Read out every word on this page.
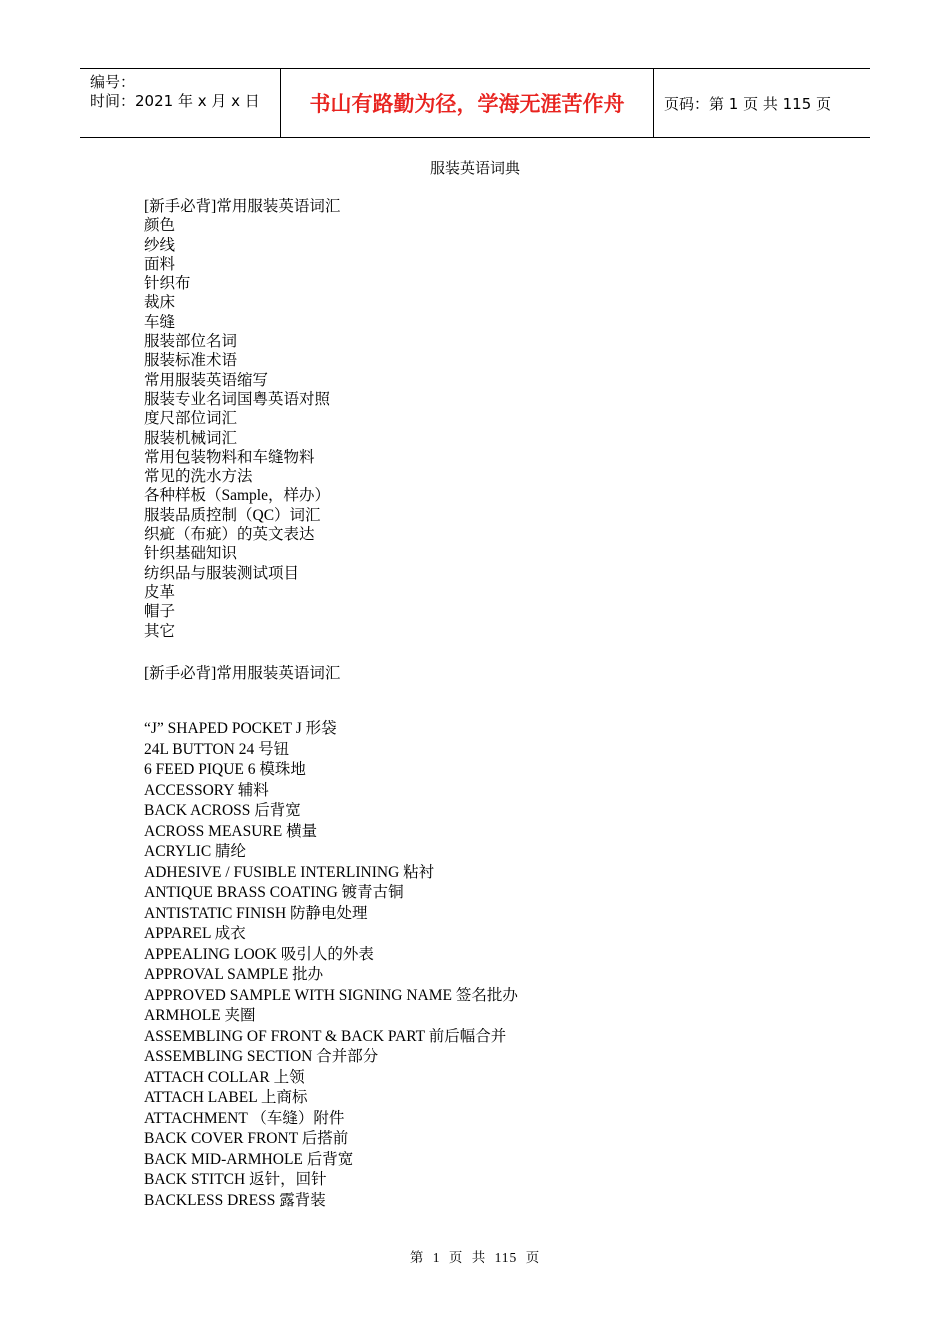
编号：
时间：2021 年 x 月 x 日	书山有路勤为径，学海无涯苦作舟	页码：第 1 页 共 115 页
服装英语词典
[新手必背]常用服装英语词汇
颜色
纱线
面料
针织布
裁床
车缝
服装部位名词
服装标准术语
常用服装英语缩写
服装专业名词国粤英语对照
度尺部位词汇
服装机械词汇
常用包装物料和车缝物料
常见的洗水方法
各种样板（Sample，样办）
服装品质控制（QC）词汇
织疵（布疵）的英文表达
针织基础知识
纺织品与服装测试项目
皮革
帽子
其它
[新手必背]常用服装英语词汇
“J” SHAPED POCKET J 形袋
24L BUTTON 24 号钮
6 FEED PIQUE 6 模珠地
ACCESSORY 辅料
BACK ACROSS 后背宽
ACROSS MEASURE 横量
ACRYLIC 腈纶
ADHESIVE / FUSIBLE INTERLINING 粘衬
ANTIQUE BRASS COATING 镀青古铜
ANTISTATIC FINISH 防静电处理
APPAREL 成衣
APPEALING LOOK 吸引人的外表
APPROVAL SAMPLE 批办
APPROVED SAMPLE WITH SIGNING NAME 签名批办
ARMHOLE 夹圈
ASSEMBLING OF FRONT & BACK PART 前后幅合并
ASSEMBLING SECTION 合并部分
ATTACH COLLAR 上领
ATTACH LABEL 上商标
ATTACHMENT （车缝）附件
BACK COVER FRONT 后搭前
BACK MID-ARMHOLE 后背宽
BACK STITCH 返针，回针
BACKLESS DRESS 露背装
第 1 页 共 115 页
